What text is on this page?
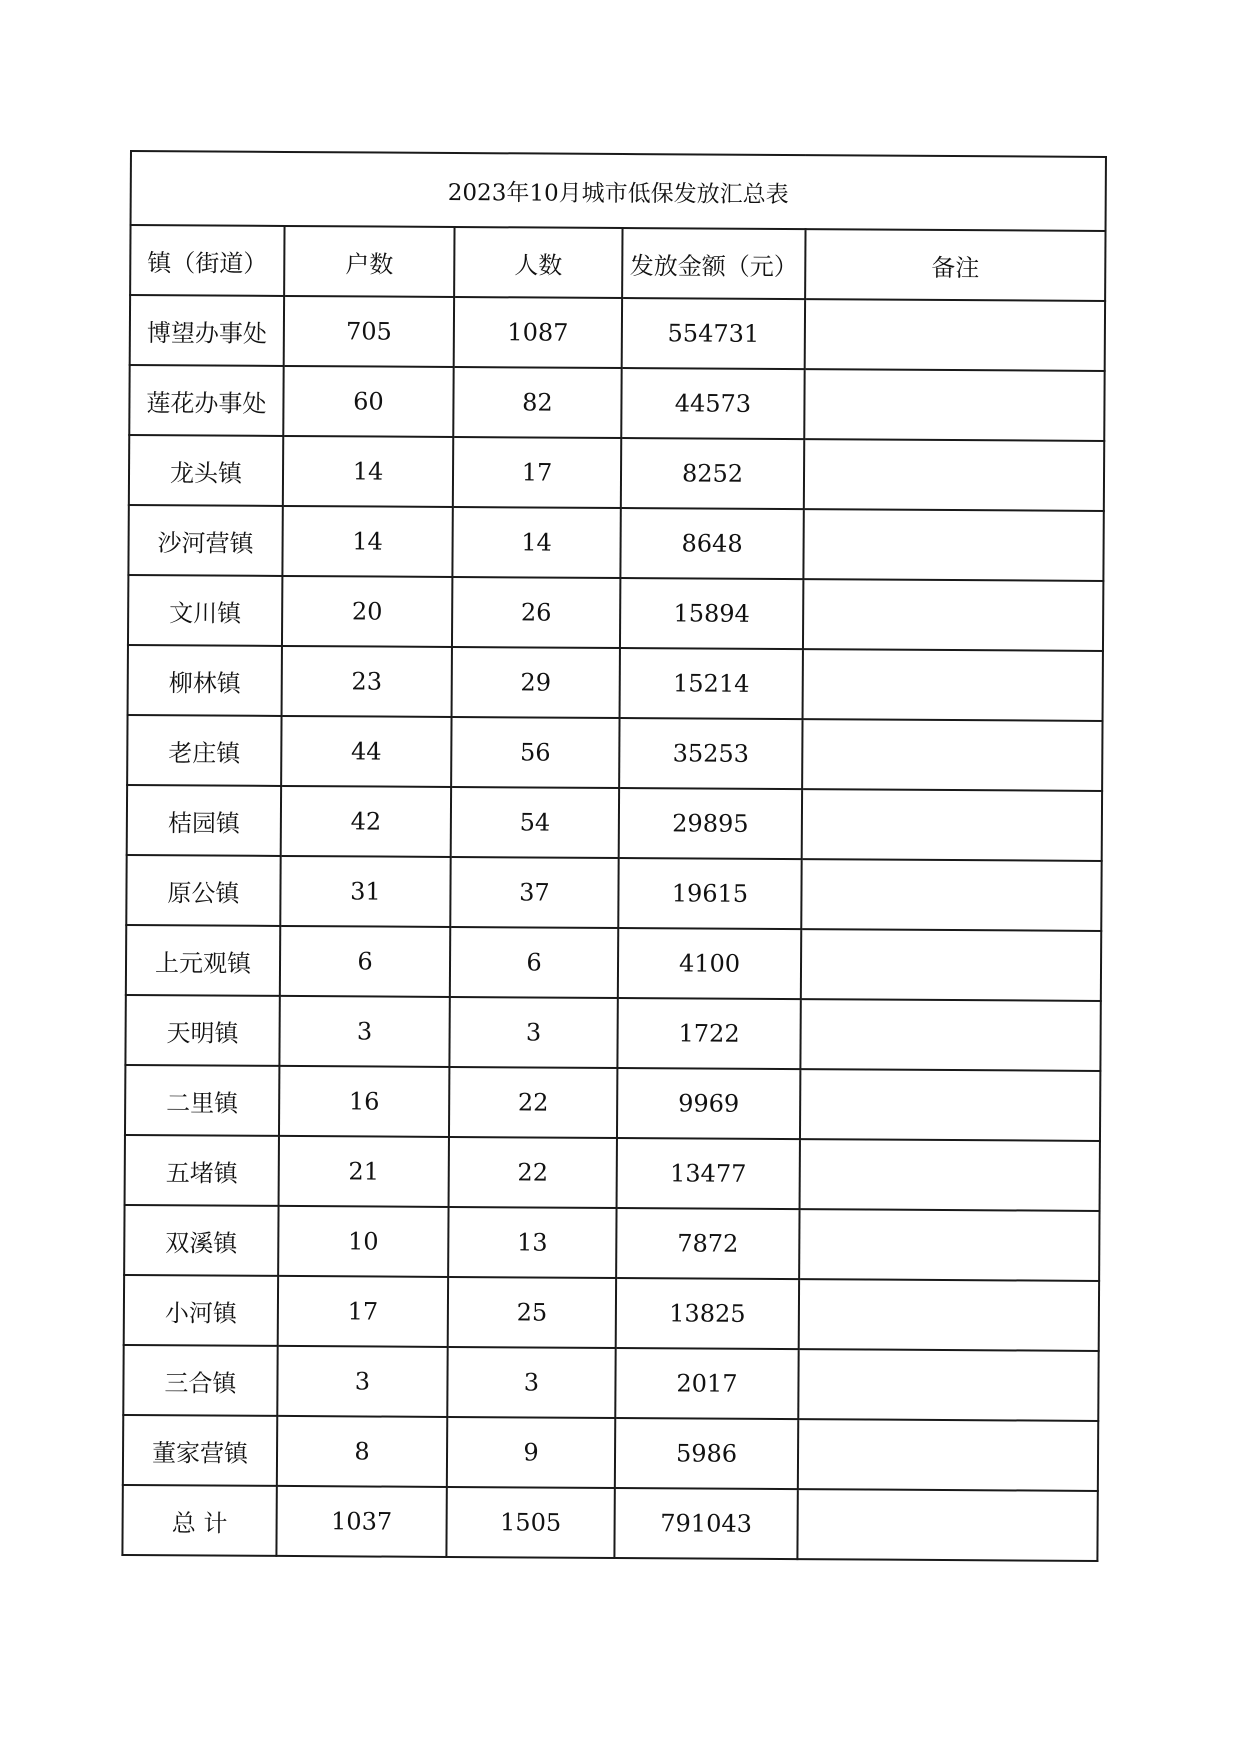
2023年10月城市低保发放汇总表				
镇（街道）	户数	人数	发放金额（元）	备注
博望办事处	705	1087	554731	
莲花办事处	60	82	44573	
龙头镇	14	17	8252	
沙河营镇	14	14	8648	
文川镇	20	26	15894	
柳林镇	23	29	15214	
老庄镇	44	56	35253	
桔园镇	42	54	29895	
原公镇	31	37	19615	
上元观镇	6	6	4100	
天明镇	3	3	1722	
二里镇	16	22	9969	
五堵镇	21	22	13477	
双溪镇	10	13	7872	
小河镇	17	25	13825	
三合镇	3	3	2017	
董家营镇	8	9	5986	
总 计	1037	1505	791043	
